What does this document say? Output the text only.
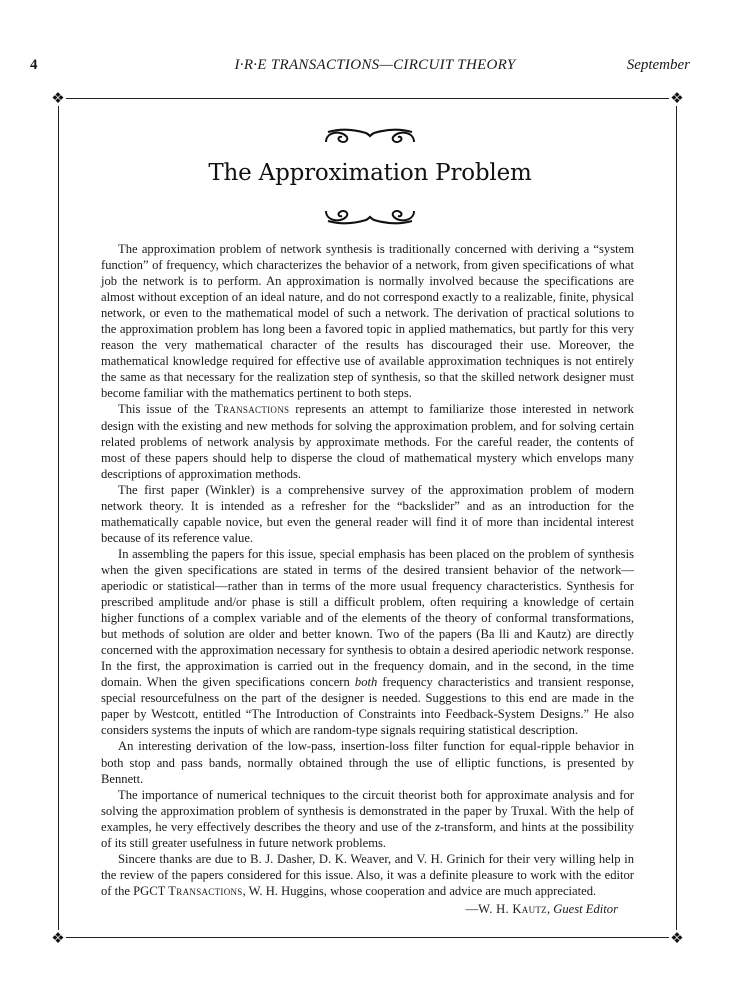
4	I·R·E TRANSACTIONS—CIRCUIT THEORY	September
❖	❖
❖	❖
The Approximation Problem

The approximation problem of network synthesis is traditionally concerned with deriving a “system function” of frequency, which characterizes the behavior of a network, from given specifications of what job the network is to perform. An approximation is normally involved because the specifications are almost without exception of an ideal nature, and do not correspond exactly to a realizable, finite, physical network, or even to the mathematical model of such a network. The derivation of practical solutions to the approximation problem has long been a favored topic in applied mathematics, but partly for this very reason the very mathematical character of the results has discouraged their use. Moreover, the mathematical knowledge required for effective use of available approximation techniques is not entirely the same as that necessary for the realization step of synthesis, so that the skilled network designer must become familiar with the mathematics pertinent to both steps.

This issue of the Transactions represents an attempt to familiarize those interested in network design with the existing and new methods for solving the approximation problem, and for solving certain related problems of network analysis by approximate methods. For the careful reader, the contents of most of these papers should help to disperse the cloud of mathematical mystery which envelops many descriptions of approximation methods.

The first paper (Winkler) is a comprehensive survey of the approximation problem of modern network theory. It is intended as a refresher for the “backslider” and as an introduction for the mathematically capable novice, but even the general reader will find it of more than incidental interest because of its reference value.

In assembling the papers for this issue, special emphasis has been placed on the problem of synthesis when the given specifications are stated in terms of the desired transient behavior of the network—aperiodic or statistical—rather than in terms of the more usual frequency characteristics. Synthesis for prescribed amplitude and/or phase is still a difficult problem, often requiring a knowledge of certain higher functions of a complex variable and of the elements of the theory of conformal transformations, but methods of solution are older and better known. Two of the papers (Ba lli and Kautz) are directly concerned with the approximation necessary for synthesis to obtain a desired aperiodic network response. In the first, the approximation is carried out in the frequency domain, and in the second, in the time domain. When the given specifications concern both frequency characteristics and transient response, special resourcefulness on the part of the designer is needed. Suggestions to this end are made in the paper by Westcott, entitled “The Introduction of Constraints into Feedback-System Designs.” He also considers systems the inputs of which are random-type signals requiring statistical description.

An interesting derivation of the low-pass, insertion-loss filter function for equal-ripple behavior in both stop and pass bands, normally obtained through the use of elliptic functions, is presented by Bennett.

The importance of numerical techniques to the circuit theorist both for approximate analysis and for solving the approximation problem of synthesis is demonstrated in the paper by Truxal. With the help of examples, he very effectively describes the theory and use of the z-transform, and hints at the possibility of its still greater usefulness in future network problems.

Sincere thanks are due to B. J. Dasher, D. K. Weaver, and V. H. Grinich for their very willing help in the review of the papers considered for this issue. Also, it was a definite pleasure to work with the editor of the PGCT Transactions, W. H. Huggins, whose cooperation and advice are much appreciated.

—W. H. Kautz, Guest Editor
